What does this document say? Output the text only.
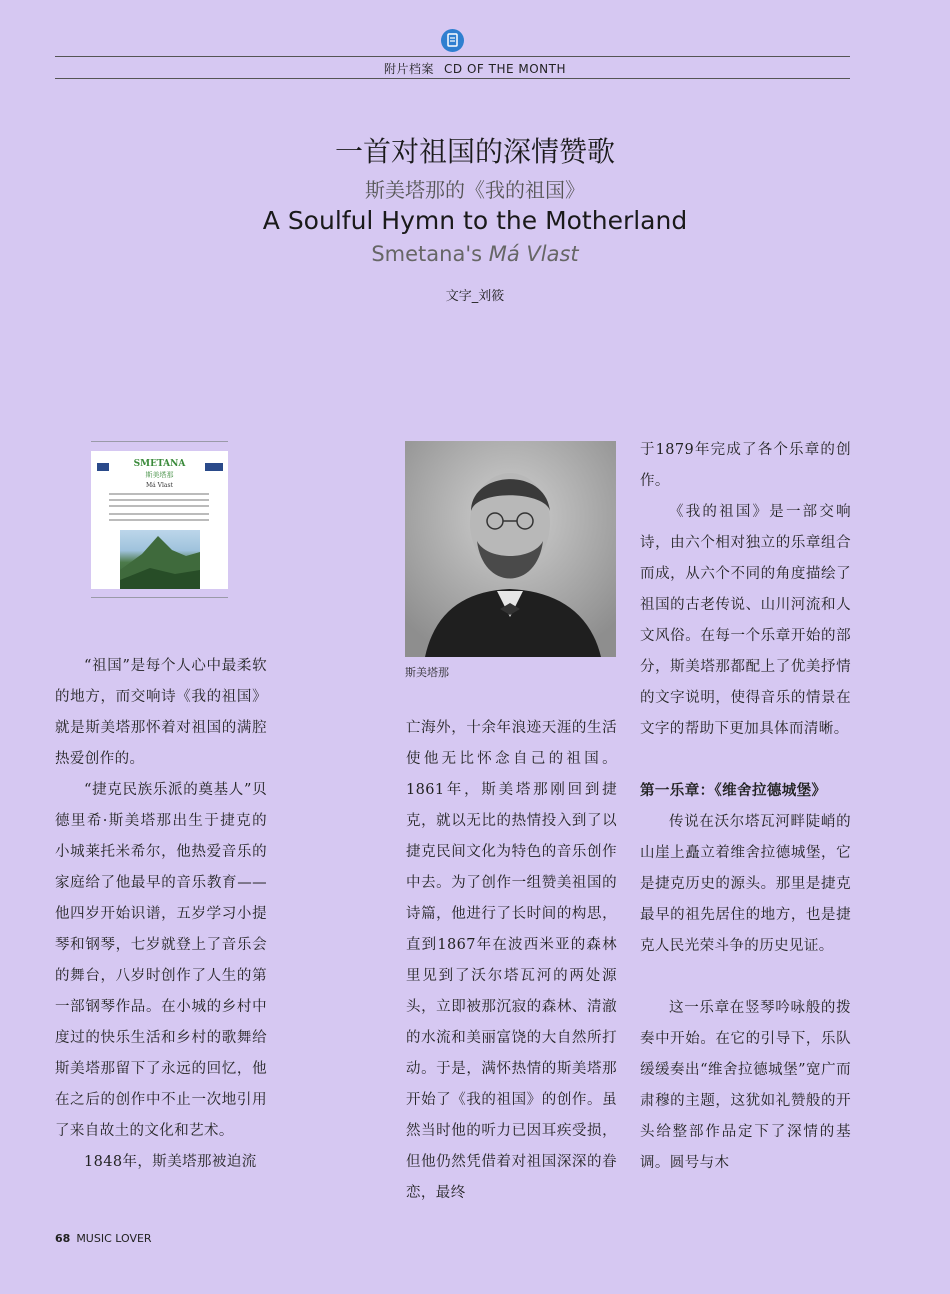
附片档案 CD OF THE MONTH
一首对祖国的深情赞歌
斯美塔那的《我的祖国》
A Soulful Hymn to the Motherland
Smetana's Má Vlast
文字_刘筱
SMETANA
斯美塔那
Má Vlast
斯美塔那

“祖国”是每个人心中最柔软的地方，而交响诗《我的祖国》就是斯美塔那怀着对祖国的满腔热爱创作的。

“捷克民族乐派的奠基人”贝德里希·斯美塔那出生于捷克的小城莱托米希尔，他热爱音乐的家庭给了他最早的音乐教育——他四岁开始识谱，五岁学习小提琴和钢琴，七岁就登上了音乐会的舞台，八岁时创作了人生的第一部钢琴作品。在小城的乡村中度过的快乐生活和乡村的歌舞给斯美塔那留下了永远的回忆，他在之后的创作中不止一次地引用了来自故土的文化和艺术。

1848年，斯美塔那被迫流

亡海外，十余年浪迹天涯的生活使他无比怀念自己的祖国。1861年，斯美塔那刚回到捷克，就以无比的热情投入到了以捷克民间文化为特色的音乐创作中去。为了创作一组赞美祖国的诗篇，他进行了长时间的构思，直到1867年在波西米亚的森林里见到了沃尔塔瓦河的两处源头，立即被那沉寂的森林、清澈的水流和美丽富饶的大自然所打动。于是，满怀热情的斯美塔那开始了《我的祖国》的创作。虽然当时他的听力已因耳疾受损，但他仍然凭借着对祖国深深的眷恋，最终

于1879年完成了各个乐章的创作。

《我的祖国》是一部交响诗，由六个相对独立的乐章组合而成，从六个不同的角度描绘了祖国的古老传说、山川河流和人文风俗。在每一个乐章开始的部分，斯美塔那都配上了优美抒情的文字说明，使得音乐的情景在文字的帮助下更加具体而清晰。

第一乐章：《维舍拉德城堡》

传说在沃尔塔瓦河畔陡峭的山崖上矗立着维舍拉德城堡，它是捷克历史的源头。那里是捷克最早的祖先居住的地方，也是捷克人民光荣斗争的历史见证。

这一乐章在竖琴吟咏般的拨奏中开始。在它的引导下，乐队缓缓奏出“维舍拉德城堡”宽广而肃穆的主题，这犹如礼赞般的开头给整部作品定下了深情的基调。圆号与木

68 MUSIC LOVER
